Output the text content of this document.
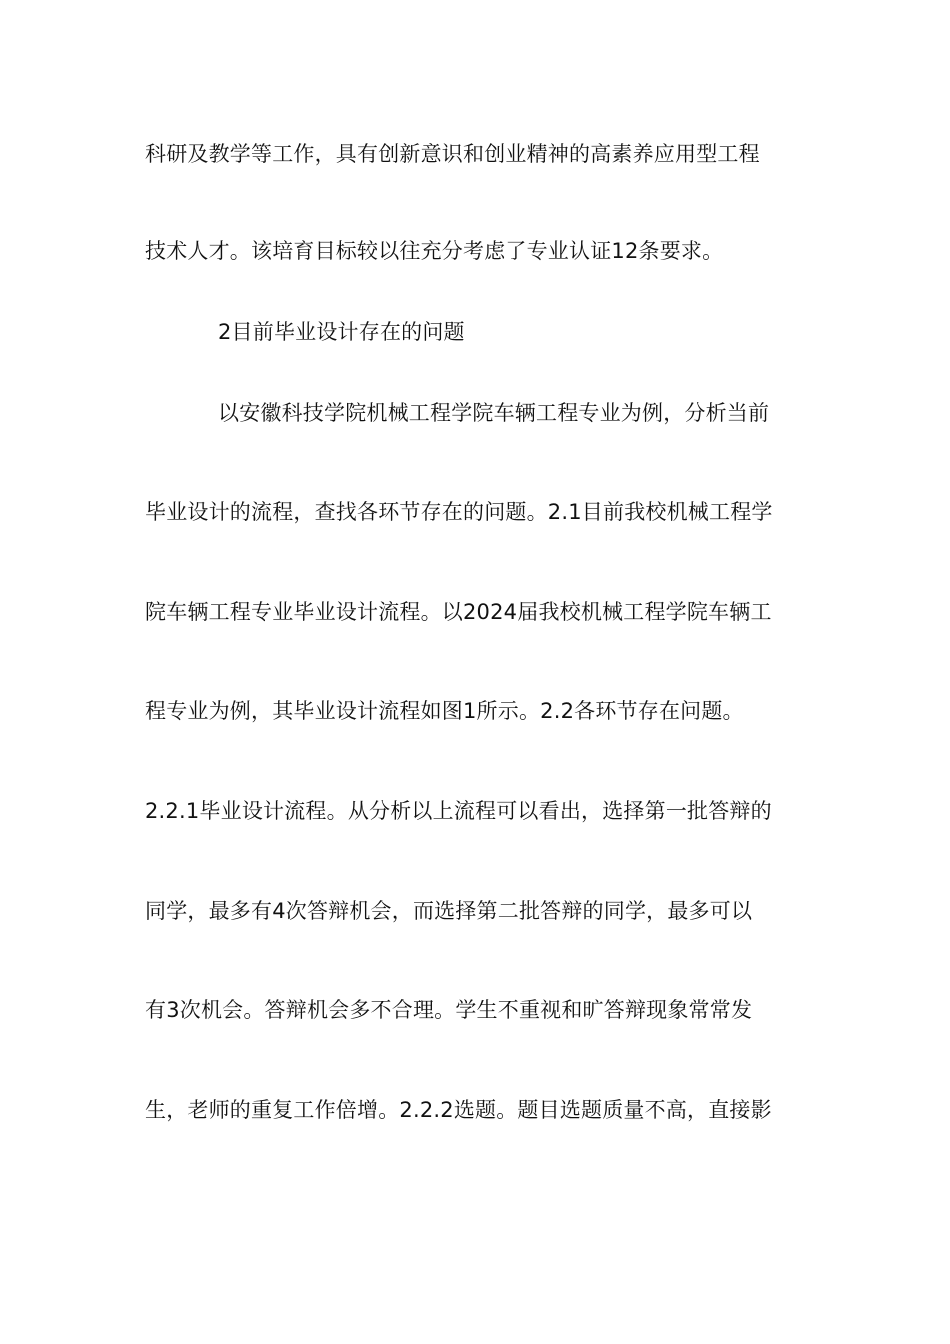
科研及教学等工作，具有创新意识和创业精神的高素养应用型工程
技术人才。该培育目标较以往充分考虑了专业认证12条要求。
2目前毕业设计存在的问题
以安徽科技学院机械工程学院车辆工程专业为例，分析当前
毕业设计的流程，查找各环节存在的问题。2.1目前我校机械工程学
院车辆工程专业毕业设计流程。以2024届我校机械工程学院车辆工
程专业为例，其毕业设计流程如图1所示。2.2各环节存在问题。
2.2.1毕业设计流程。从分析以上流程可以看出，选择第一批答辩的
同学，最多有4次答辩机会，而选择第二批答辩的同学，最多可以
有3次机会。答辩机会多不合理。学生不重视和旷答辩现象常常发
生，老师的重复工作倍增。2.2.2选题。题目选题质量不高，直接影
